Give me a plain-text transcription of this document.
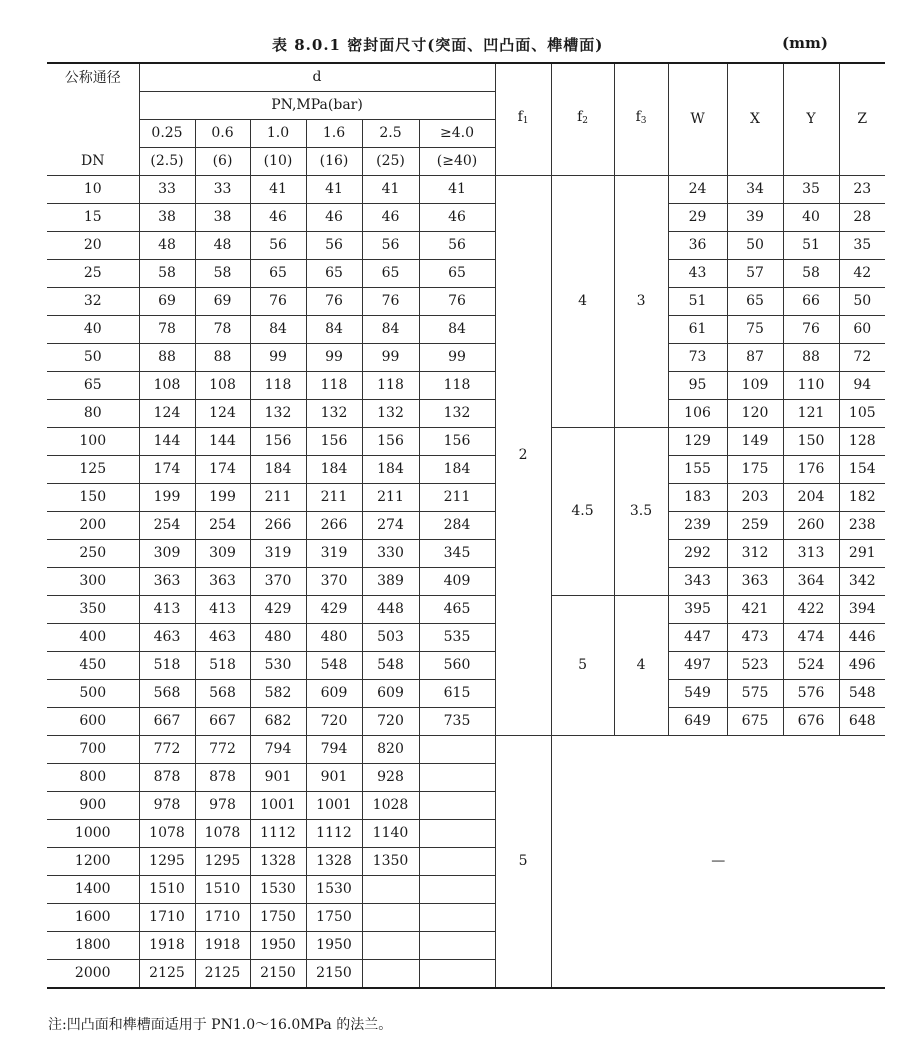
表 8.0.1 密封面尺寸(突面、凹凸面、榫槽面)	(mm)
公称通径
DN	d						$f_1$	$f_2$	$f_3$	W	X	Y	Z
	PN,MPa(bar)												
	0.25	0.6	1.0	1.6	2.5	≥4.0							
	(2.5)	(6)	(10)	(16)	(25)	(≥40)							
10	33	33	41	41	41	41	2	4	3	24	34	35	23
15	38	38	46	46	46	46				29	39	40	28
20	48	48	56	56	56	56				36	50	51	35
25	58	58	65	65	65	65				43	57	58	42
32	69	69	76	76	76	76				51	65	66	50
40	78	78	84	84	84	84				61	75	76	60
50	88	88	99	99	99	99				73	87	88	72
65	108	108	118	118	118	118				95	109	110	94
80	124	124	132	132	132	132				106	120	121	105
100	144	144	156	156	156	156		4.5	3.5	129	149	150	128
125	174	174	184	184	184	184				155	175	176	154
150	199	199	211	211	211	211				183	203	204	182
200	254	254	266	266	274	284				239	259	260	238
250	309	309	319	319	330	345				292	312	313	291
300	363	363	370	370	389	409				343	363	364	342
350	413	413	429	429	448	465		5	4	395	421	422	394
400	463	463	480	480	503	535				447	473	474	446
450	518	518	530	548	548	560				497	523	524	496
500	568	568	582	609	609	615				549	575	576	548
600	667	667	682	720	720	735				649	675	676	648
700	772	772	794	794	820		5	—					
800	878	878	901	901	928								
900	978	978	1001	1001	1028								
1000	1078	1078	1112	1112	1140								
1200	1295	1295	1328	1328	1350								
1400	1510	1510	1530	1530									
1600	1710	1710	1750	1750									
1800	1918	1918	1950	1950									
2000	2125	2125	2150	2150									
注:凹凸面和榫槽面适用于 PN1.0～16.0MPa 的法兰。
